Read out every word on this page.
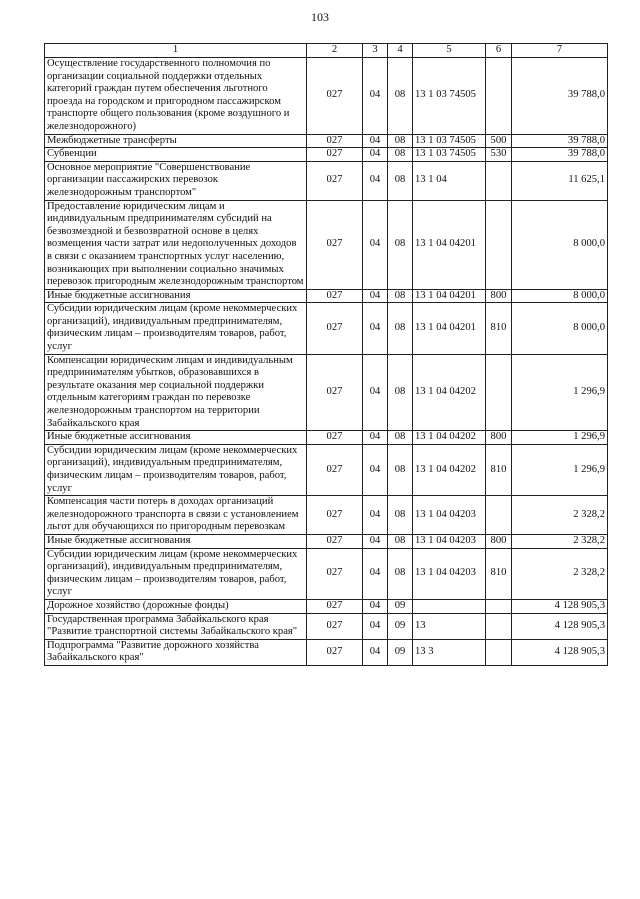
103
1	2	3	4	5	6	7
Осуществление государственного полномочия по организации социальной поддержки отдельных категорий граждан путем обеспечения льготного проезда на городском и пригородном пассажирском транспорте общего пользования (кроме воздушного и железнодорожного)	027	04	08	13 1 03 74505		39 788,0
Межбюджетные трансферты	027	04	08	13 1 03 74505	500	39 788,0
Субвенции	027	04	08	13 1 03 74505	530	39 788,0
Основное мероприятие "Совершенствование организации пассажирских перевозок железнодорожным транспортом"	027	04	08	13 1 04		11 625,1
Предоставление юридическим лицам и индивидуальным предпринимателям субсидий на безвозмездной и безвозвратной основе в целях возмещения части затрат или недополученных доходов в связи с оказанием транспортных услуг населению, возникающих при выполнении социально значимых перевозок пригородным железнодорожным транспортом	027	04	08	13 1 04 04201		8 000,0
Иные бюджетные ассигнования	027	04	08	13 1 04 04201	800	8 000,0
Субсидии юридическим лицам (кроме некоммерческих организаций), индивидуальным предпринимателям, физическим лицам – производителям товаров, работ, услуг	027	04	08	13 1 04 04201	810	8 000,0
Компенсации юридическим лицам и индивидуальным предпринимателям убытков, образовавшихся в результате оказания мер социальной поддержки отдельным категориям граждан по перевозке железнодорожным транспортом на территории Забайкальского края	027	04	08	13 1 04 04202		1 296,9
Иные бюджетные ассигнования	027	04	08	13 1 04 04202	800	1 296,9
Субсидии юридическим лицам (кроме некоммерческих организаций), индивидуальным предпринимателям, физическим лицам – производителям товаров, работ, услуг	027	04	08	13 1 04 04202	810	1 296,9
Компенсация части потерь в доходах организаций железнодорожного транспорта в связи с установлением льгот для обучающихся по пригородным перевозкам	027	04	08	13 1 04 04203		2 328,2
Иные бюджетные ассигнования	027	04	08	13 1 04 04203	800	2 328,2
Субсидии юридическим лицам (кроме некоммерческих организаций), индивидуальным предпринимателям, физическим лицам – производителям товаров, работ, услуг	027	04	08	13 1 04 04203	810	2 328,2
Дорожное хозяйство (дорожные фонды)	027	04	09			4 128 905,3
Государственная программа Забайкальского края "Развитие транспортной системы Забайкальского края"	027	04	09	13		4 128 905,3
Подпрограмма "Развитие дорожного хозяйства Забайкальского края"	027	04	09	13 3		4 128 905,3
